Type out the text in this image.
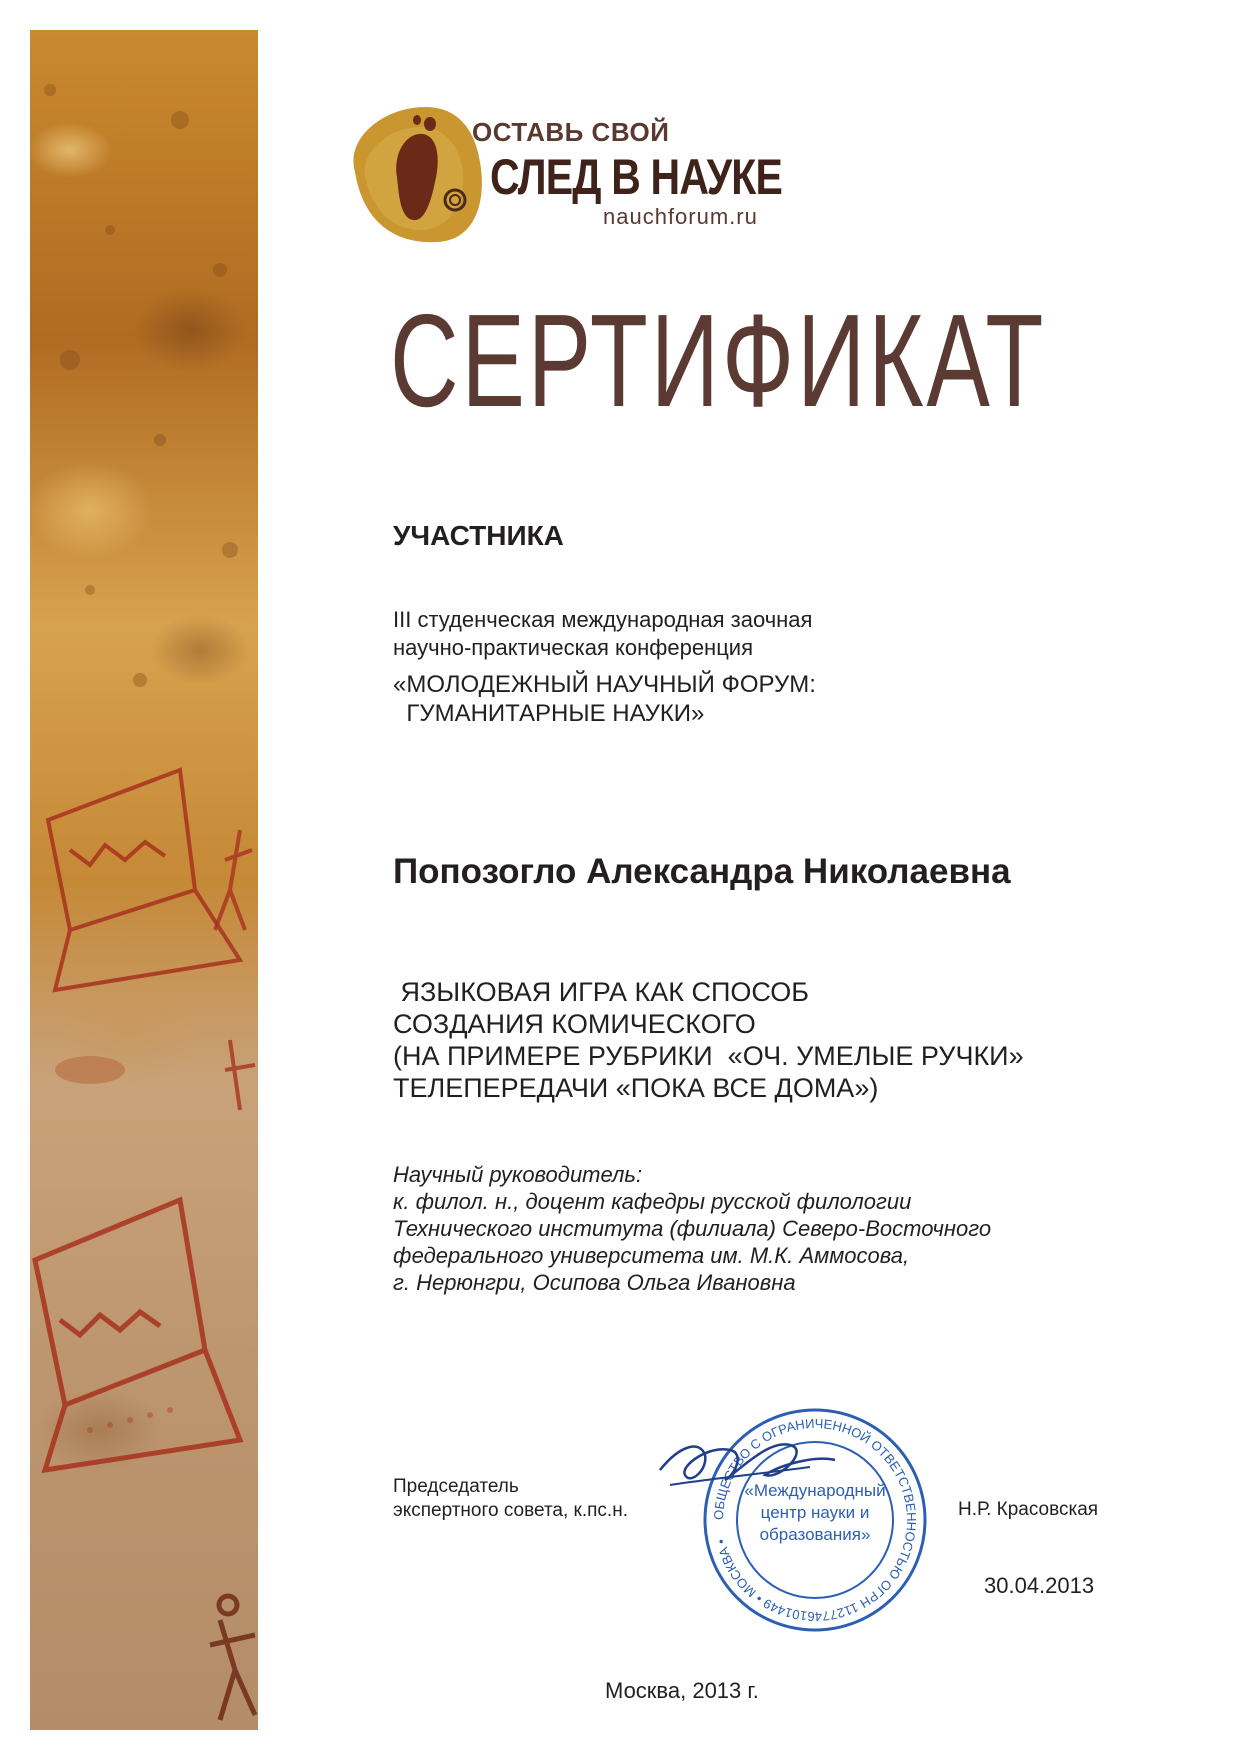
ОСТАВЬ СВОЙ
СЛЕД В НАУКЕ
nauchforum.ru
СЕРТИФИКАТ
УЧАСТНИКА
III студенческая международная заочная
научно-практическая конференция
«МОЛОДЕЖНЫЙ НАУЧНЫЙ ФОРУМ:
ГУМАНИТАРНЫЕ НАУКИ»
Попозогло Александра Николаевна
ЯЗЫКОВАЯ ИГРА КАК СПОСОБ
СОЗДАНИЯ КОМИЧЕСКОГО
(НА ПРИМЕРЕ РУБРИКИ  «ОЧ. УМЕЛЫЕ РУЧКИ»
ТЕЛЕПЕРЕДАЧИ «ПОКА ВСЕ ДОМА»)
Научный руководитель:
к. филол. н., доцент кафедры русской филологии
Технического института (филиала) Северо-Восточного
федерального университета им. М.К. Аммосова,
г. Нерюнгри, Осипова Ольга Ивановна
Председатель
экспертного совета, к.пс.н.	Н.Р. Красовская
ОБЩЕСТВО С ОГРАНИЧЕННОЙ ОТВЕТСТВЕННОСТЬЮ ОГРН 1127746101449 • МОСКВА •
«Международный центр науки и образования»
30.04.2013
Москва, 2013 г.
